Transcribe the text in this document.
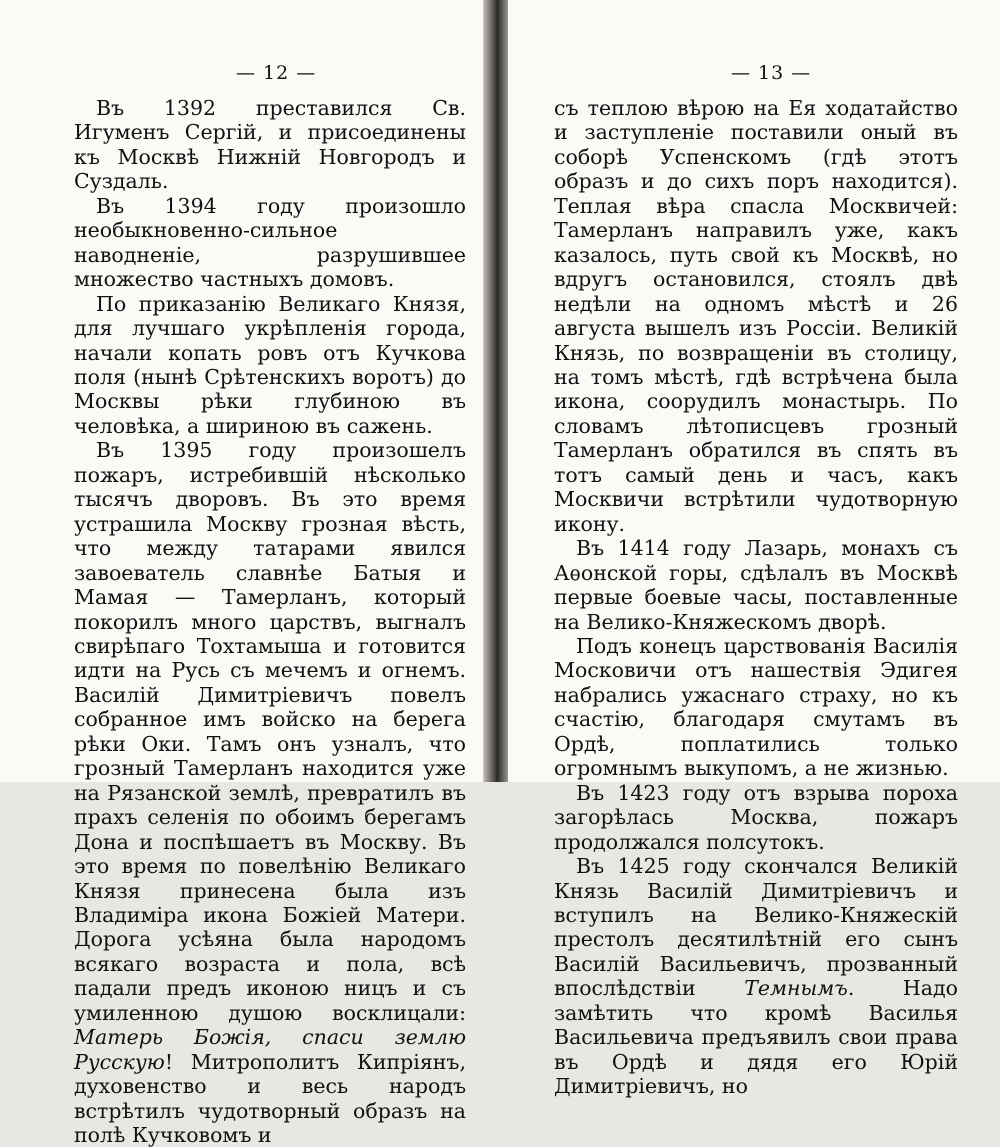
— 12 —

Въ 1392 преставился Св. Игуменъ Сергій, и присоединены къ Москвѣ Нижній Новгородъ и Суздаль.

Въ 1394 году произошло необыкновенно-сильное наводненіе, разрушившее множество частныхъ домовъ.

По приказанію Великаго Князя, для лучшаго укрѣпленія города, начали копать ровъ отъ Кучкова поля (нынѣ Срѣтенскихъ воротъ) до Москвы рѣки глубиною въ человѣка, а шириною въ сажень.

Въ 1395 году произошелъ пожаръ, истребившій нѣсколько тысячъ дворовъ. Въ это время устрашила Москву грозная вѣсть, что между татарами явился завоеватель славнѣе Батыя и Мамая — Тамерланъ, который покорилъ много царствъ, выгналъ свирѣпаго Тохтамыша и готовится идти на Русь съ мечемъ и огнемъ. Василій Димитріевичъ повелъ собранное имъ войско на берега рѣки Оки. Тамъ онъ узналъ, что грозный Тамерланъ находится уже на Рязанской землѣ, превратилъ въ прахъ селенія по обоимъ берегамъ Дона и поспѣшаетъ въ Москву. Въ это время по повелѣнію Великаго Князя принесена была изъ Владиміра икона Божіей Матери. Дорога усѣяна была народомъ всякаго возраста и пола, всѣ падали предъ иконою ницъ и съ умиленною душою восклицали: Матерь Божія, спаси землю Русскую! Митрополитъ Кипріянъ, духовенство и весь народъ встрѣтилъ чудотворный образъ на полѣ Кучковомъ и

— 13 —

съ теплою вѣрою на Ея ходатайство и заступленіе поставили оный въ соборѣ Успенскомъ (гдѣ этотъ образъ и до сихъ поръ находится). Теплая вѣра спасла Москвичей: Тамерланъ направилъ уже, какъ казалось, путь свой къ Москвѣ, но вдругъ остановился, стоялъ двѣ недѣли на одномъ мѣстѣ и 26 августа вышелъ изъ Россіи. Великій Князь, по возвращеніи въ столицу, на томъ мѣстѣ, гдѣ встрѣчена была икона, соорудилъ монастырь. По словамъ лѣтописцевъ грозный Тамерланъ обратился въ спять въ тотъ самый день и часъ, какъ Москвичи встрѣтили чудотворную икону.

Въ 1414 году Лазарь, монахъ съ Аѳонской горы, сдѣлалъ въ Москвѣ первые боевые часы, поставленные на Велико-Княжескомъ дворѣ.

Подъ конецъ царствованія Василія Московичи отъ нашествія Эдигея набрались ужаснаго страху, но къ счастію, благодаря смутамъ въ Ордѣ, поплатились только огромнымъ выкупомъ, а не жизнью.

Въ 1423 году отъ взрыва пороха загорѣлась Москва, пожаръ продолжался полсутокъ.

Въ 1425 году скончался Великій Князь Василій Димитріевичъ и вступилъ на Велико-Княжескій престолъ десятилѣтній его сынъ Василій Васильевичъ, прозванный впослѣдствіи Темнымъ. Надо замѣтить что кромѣ Василья Васильевича предъявилъ свои права въ Ордѣ и дядя его Юрій Димитріевичъ, но
